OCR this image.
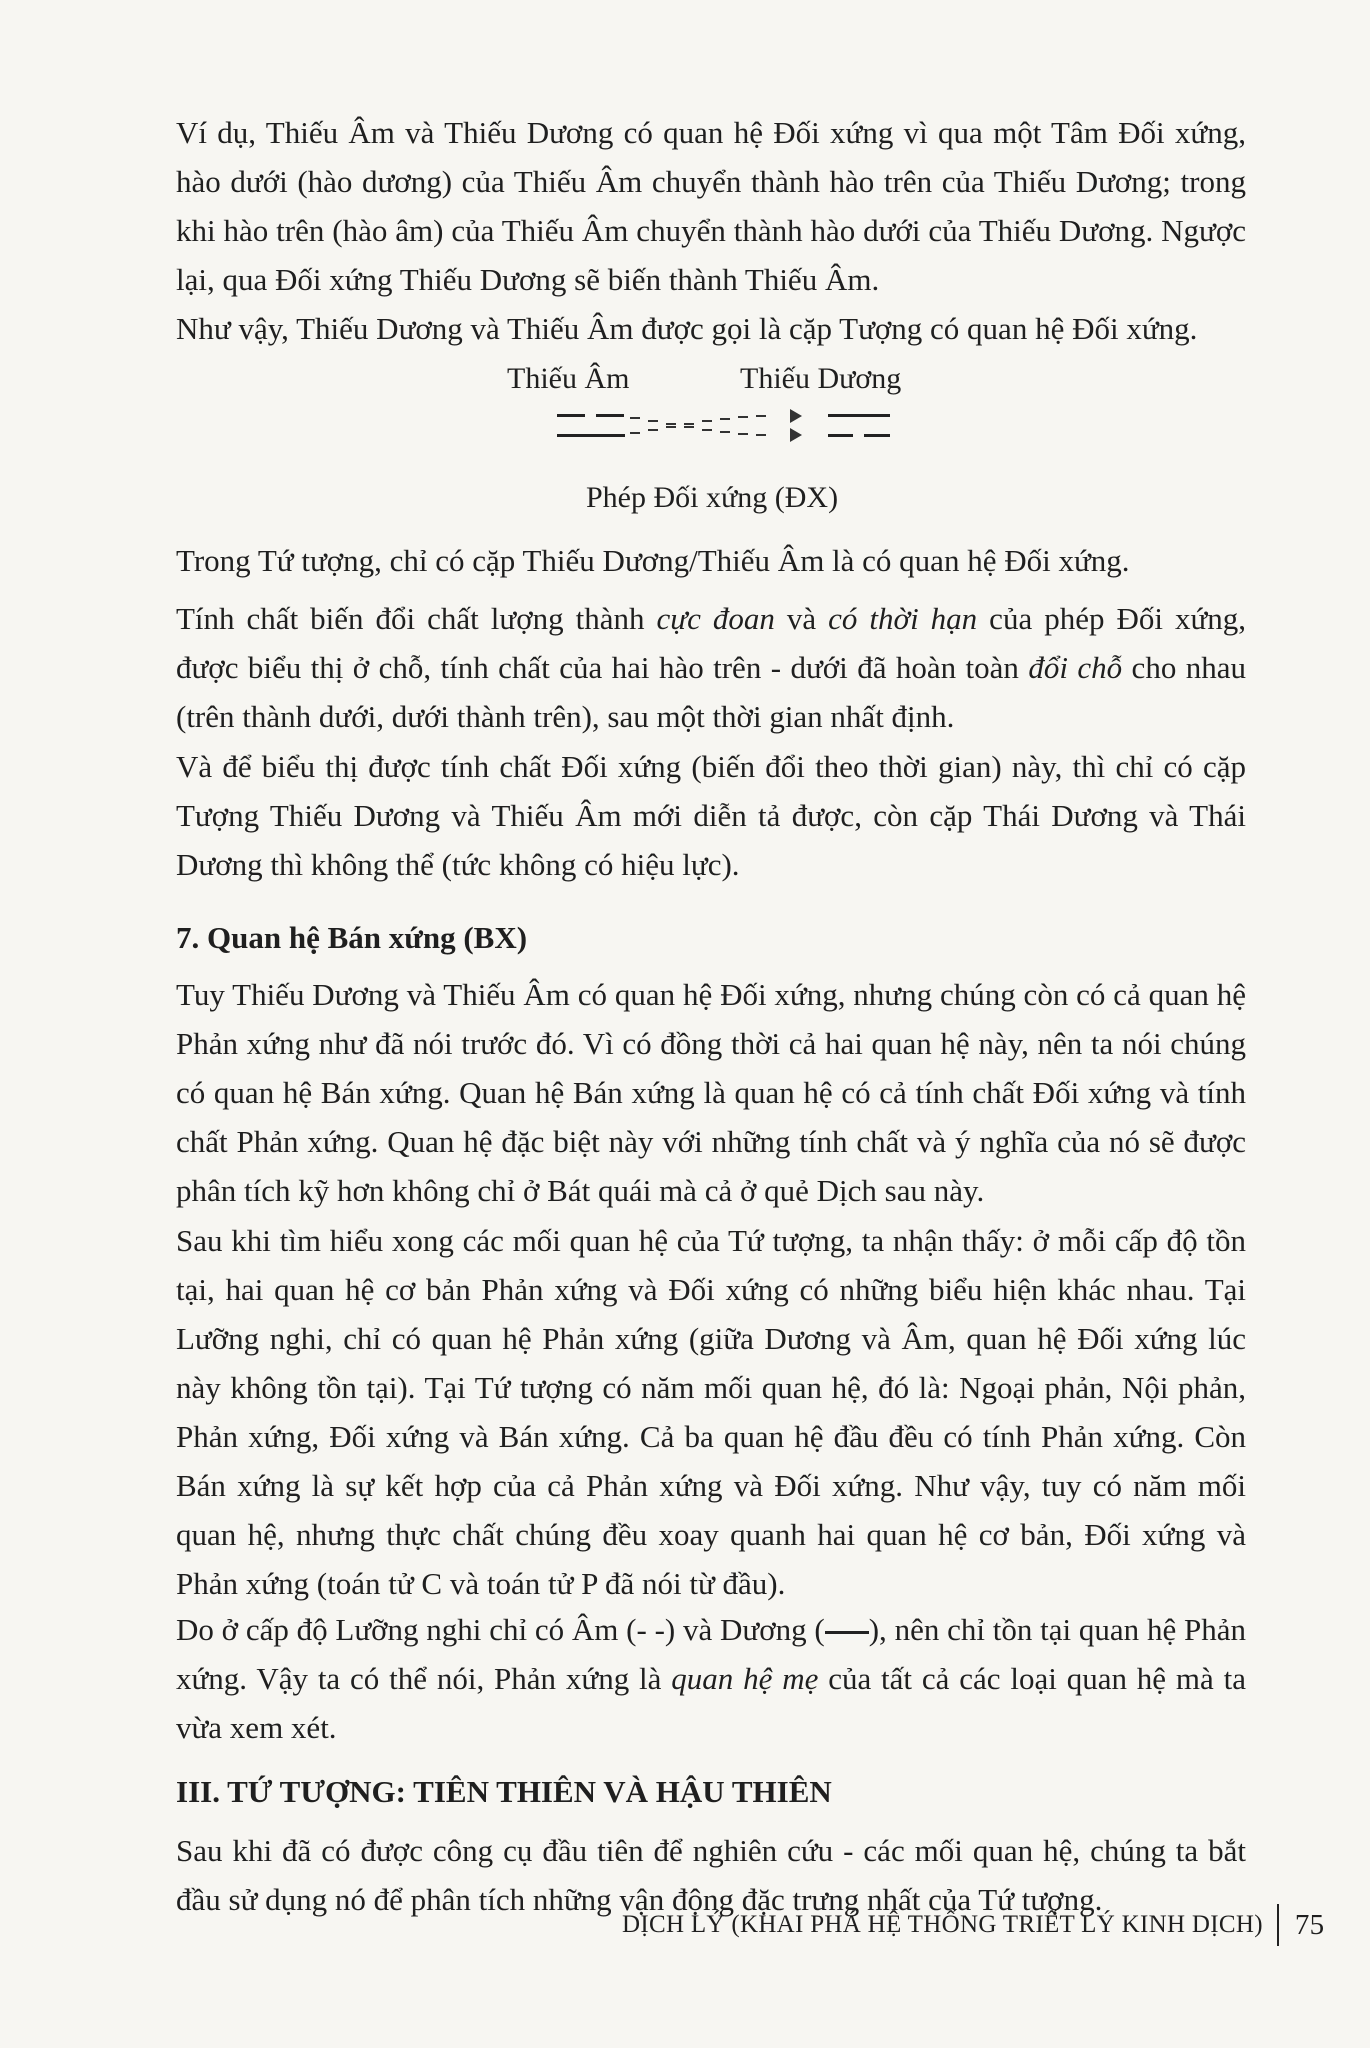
Ví dụ, Thiếu Âm và Thiếu Dương có quan hệ Đối xứng vì qua một Tâm Đối xứng, hào dưới (hào dương) của Thiếu Âm chuyển thành hào trên của Thiếu Dương; trong khi hào trên (hào âm) của Thiếu Âm chuyển thành hào dưới của Thiếu Dương. Ngược lại, qua Đối xứng Thiếu Dương sẽ biến thành Thiếu Âm.

Như vậy, Thiếu Dương và Thiếu Âm được gọi là cặp Tượng có quan hệ Đối xứng.

Thiếu Âm	Thiếu Dương
Phép Đối xứng (ĐX)

Trong Tứ tượng, chỉ có cặp Thiếu Dương/Thiếu Âm là có quan hệ Đối xứng.

Tính chất biến đổi chất lượng thành cực đoan và có thời hạn của phép Đối xứng, được biểu thị ở chỗ, tính chất của hai hào trên - dưới đã hoàn toàn đổi chỗ cho nhau (trên thành dưới, dưới thành trên), sau một thời gian nhất định.

Và để biểu thị được tính chất Đối xứng (biến đổi theo thời gian) này, thì chỉ có cặp Tượng Thiếu Dương và Thiếu Âm mới diễn tả được, còn cặp Thái Dương và Thái Dương thì không thể (tức không có hiệu lực).

7. Quan hệ Bán xứng (BX)

Tuy Thiếu Dương và Thiếu Âm có quan hệ Đối xứng, nhưng chúng còn có cả quan hệ Phản xứng như đã nói trước đó. Vì có đồng thời cả hai quan hệ này, nên ta nói chúng có quan hệ Bán xứng. Quan hệ Bán xứng là quan hệ có cả tính chất Đối xứng và tính chất Phản xứng. Quan hệ đặc biệt này với những tính chất và ý nghĩa của nó sẽ được phân tích kỹ hơn không chỉ ở Bát quái mà cả ở quẻ Dịch sau này.

Sau khi tìm hiểu xong các mối quan hệ của Tứ tượng, ta nhận thấy: ở mỗi cấp độ tồn tại, hai quan hệ cơ bản Phản xứng và Đối xứng có những biểu hiện khác nhau. Tại Lưỡng nghi, chỉ có quan hệ Phản xứng (giữa Dương và Âm, quan hệ Đối xứng lúc này không tồn tại). Tại Tứ tượng có năm mối quan hệ, đó là: Ngoại phản, Nội phản, Phản xứng, Đối xứng và Bán xứng. Cả ba quan hệ đầu đều có tính Phản xứng. Còn Bán xứng là sự kết hợp của cả Phản xứng và Đối xứng. Như vậy, tuy có năm mối quan hệ, nhưng thực chất chúng đều xoay quanh hai quan hệ cơ bản, Đối xứng và Phản xứng (toán tử C và toán tử P đã nói từ đầu).

Do ở cấp độ Lưỡng nghi chỉ có Âm (- -) và Dương ( ), nên chỉ tồn tại quan hệ Phản xứng. Vậy ta có thể nói, Phản xứng là quan hệ mẹ của tất cả các loại quan hệ mà ta vừa xem xét.

III. TỨ TƯỢNG: TIÊN THIÊN VÀ HẬU THIÊN

Sau khi đã có được công cụ đầu tiên để nghiên cứu - các mối quan hệ, chúng ta bắt đầu sử dụng nó để phân tích những vận động đặc trưng nhất của Tứ tượng.

DỊCH LÝ (KHAI PHÁ HỆ THỐNG TRIẾT LÝ KINH DỊCH) 75
